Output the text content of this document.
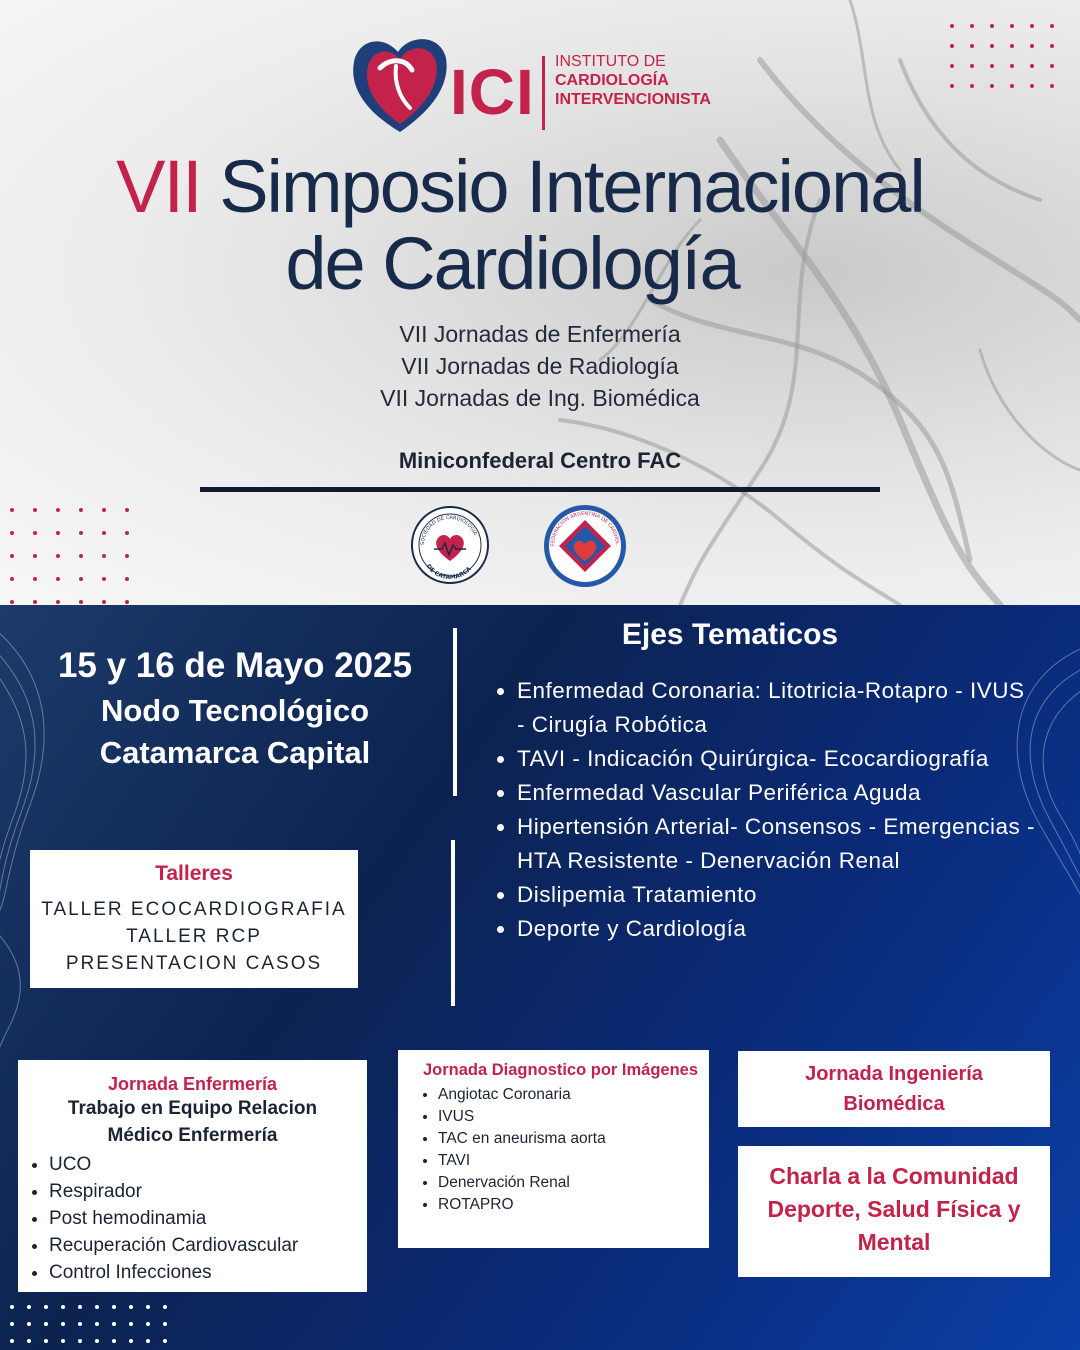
ICI INSTITUTO DE
CARDIOLOGÍA
INTERVENCIONISTA
VII Simposio Internacional
de Cardiología
VII Jornadas de Enfermería
VII Jornadas de Radiología
VII Jornadas de Ing. Biomédica
Miniconfederal Centro FAC
SOCIEDAD DE CARDIOLOGIA
DE CATAMARCA
FEDERACION ARGENTINA DE CARDIOL
15 y 16 de Mayo 2025
Nodo Tecnológico
Catamarca Capital
Ejes Tematicos
• Enfermedad Coronaria: Litotricia-Rotapro - IVUS - Cirugía Robótica
• TAVI - Indicación Quirúrgica- Ecocardiografía
• Enfermedad Vascular Periférica Aguda
• Hipertensión Arterial- Consensos - Emergencias - HTA Resistente - Denervación Renal
• Dislipemia Tratamiento
• Deporte y Cardiología
Talleres
TALLER ECOCARDIOGRAFIA
TALLER RCP
PRESENTACION CASOS
Jornada Enfermería
Trabajo en Equipo Relacion
Médico Enfermería
• UCO
• Respirador
• Post hemodinamia
• Recuperación Cardiovascular
• Control Infecciones
Jornada Diagnostico por Imágenes
• Angiotac Coronaria
• IVUS
• TAC en aneurisma aorta
• TAVI
• Denervación Renal
• ROTAPRO
Jornada Ingeniería
Biomédica
Charla a la Comunidad
Deporte, Salud Física y
Mental
